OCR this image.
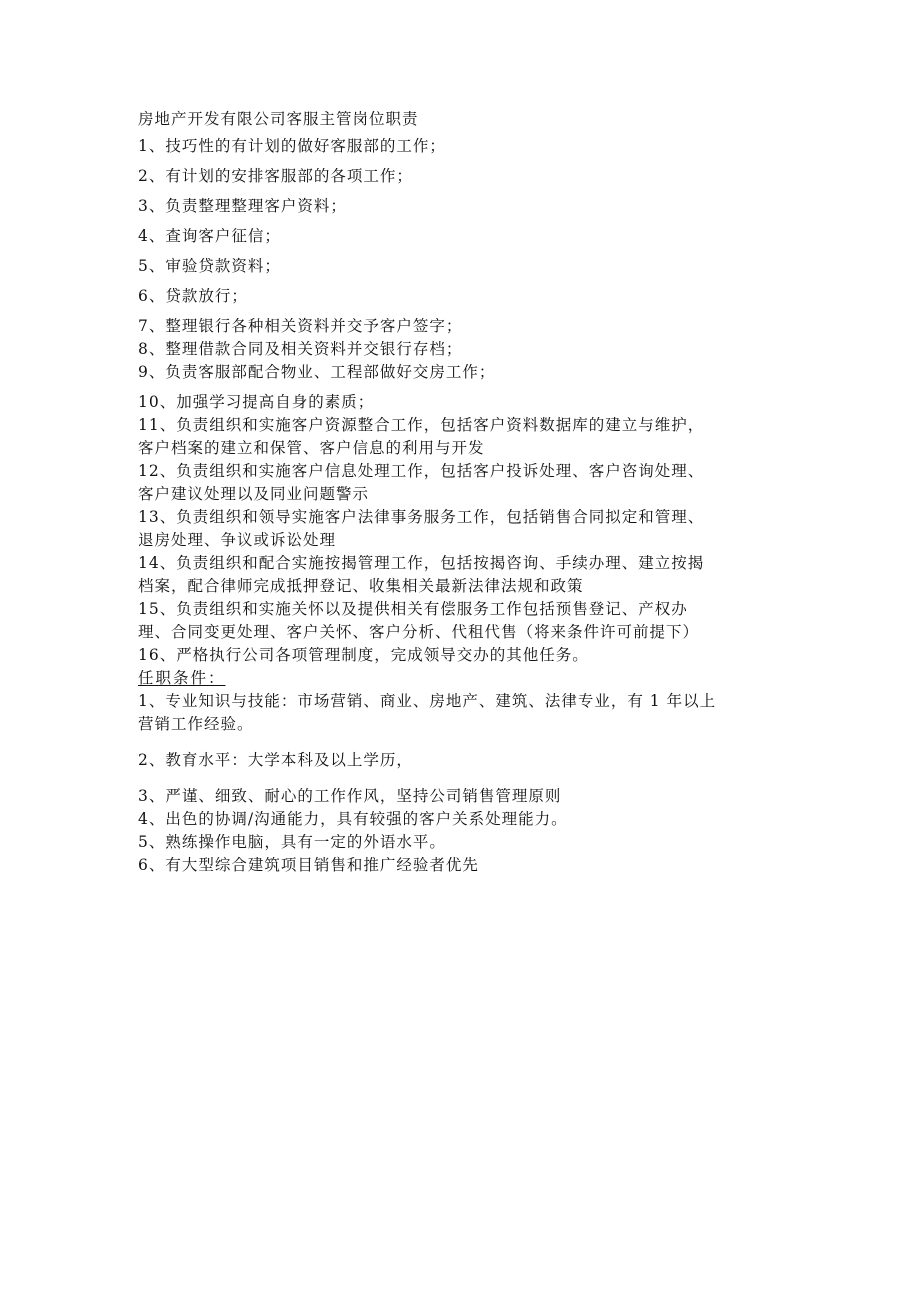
房地产开发有限公司客服主管岗位职责
1、技巧性的有计划的做好客服部的工作；
2、有计划的安排客服部的各项工作；
3、负责整理整理客户资料；
4、查询客户征信；
5、审验贷款资料；
6、贷款放行；
7、整理银行各种相关资料并交予客户签字；
8、整理借款合同及相关资料并交银行存档；
9、负责客服部配合物业、工程部做好交房工作；
10、加强学习提高自身的素质；
11、负责组织和实施客户资源整合工作，包括客户资料数据库的建立与维护，
客户档案的建立和保管、客户信息的利用与开发
12、负责组织和实施客户信息处理工作，包括客户投诉处理、客户咨询处理、
客户建议处理以及同业问题警示
13、负责组织和领导实施客户法律事务服务工作，包括销售合同拟定和管理、
退房处理、争议或诉讼处理
14、负责组织和配合实施按揭管理工作，包括按揭咨询、手续办理、建立按揭
档案，配合律师完成抵押登记、收集相关最新法律法规和政策
15、负责组织和实施关怀以及提供相关有偿服务工作包括预售登记、产权办
理、合同变更处理、客户关怀、客户分析、代租代售（将来条件许可前提下）
16、严格执行公司各项管理制度，完成领导交办的其他任务。
任职条件：
1、专业知识与技能：市场营销、商业、房地产、建筑、法律专业，有 1 年以上
营销工作经验。
2、教育水平：大学本科及以上学历，
3、严谨、细致、耐心的工作作风，坚持公司销售管理原则
4、出色的协调/沟通能力，具有较强的客户关系处理能力。
5、熟练操作电脑，具有一定的外语水平。
6、有大型综合建筑项目销售和推广经验者优先
